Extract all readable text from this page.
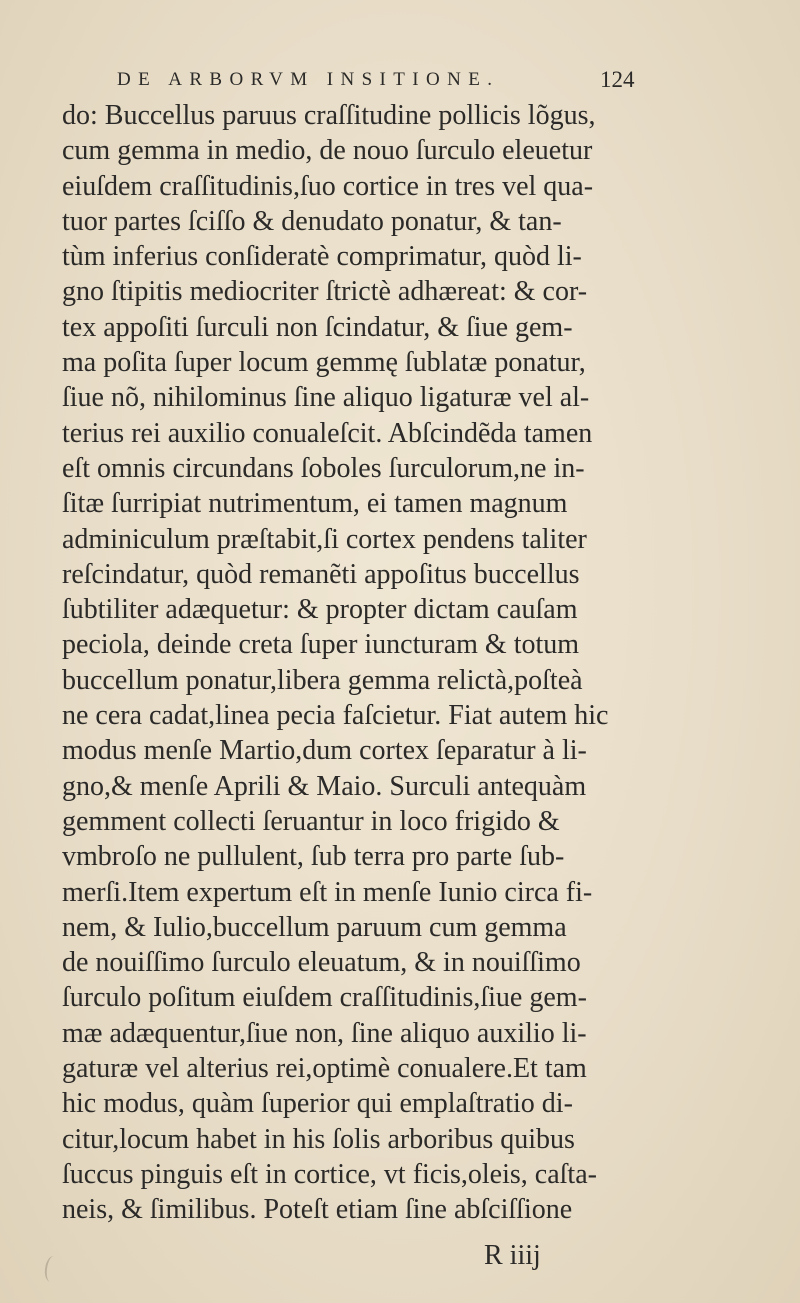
DE ARBORVM INSITIONE.	124
do: Buccellus paruus craſſitudine pollicis lõgus,
cum gemma in medio, de nouo ſurculo eleuetur
eiuſdem craſſitudinis,ſuo cortice in tres vel qua-
tuor partes ſciſſo & denudato ponatur, & tan-
tùm inferius conſideratè comprimatur, quòd li-
gno ſtipitis mediocriter ſtrictè adhæreat: & cor-
tex appoſiti ſurculi non ſcindatur, & ſiue gem-
ma poſita ſuper locum gemmę ſublatæ ponatur,
ſiue nõ, nihilominus ſine aliquo ligaturæ vel al-
terius rei auxilio conualeſcit. Abſcindẽda tamen
eſt omnis circundans ſoboles ſurculorum,ne in-
ſitæ ſurripiat nutrimentum, ei tamen magnum
adminiculum præſtabit,ſi cortex pendens taliter
reſcindatur, quòd remanẽti appoſitus buccellus
ſubtiliter adæquetur: & propter dictam cauſam
peciola, deinde creta ſuper iuncturam & totum
buccellum ponatur,libera gemma relictà,poſteà
ne cera cadat,linea pecia faſcietur. Fiat autem hic
modus menſe Martio,dum cortex ſeparatur à li-
gno,& menſe Aprili & Maio. Surculi antequàm
gemment collecti ſeruantur in loco frigido &
vmbroſo ne pullulent, ſub terra pro parte ſub-
merſi.Item expertum eſt in menſe Iunio circa fi-
nem, & Iulio,buccellum paruum cum gemma
de nouiſſimo ſurculo eleuatum, & in nouiſſimo
ſurculo poſitum eiuſdem craſſitudinis,ſiue gem-
mæ adæquentur,ſiue non, ſine aliquo auxilio li-
gaturæ vel alterius rei,optimè conualere.Et tam
hic modus, quàm ſuperior qui emplaſtratio di-
citur,locum habet in his ſolis arboribus quibus
ſuccus pinguis eſt in cortice, vt ficis,oleis, caſta-
neis, & ſimilibus. Poteſt etiam ſine abſciſſione
R iiij
